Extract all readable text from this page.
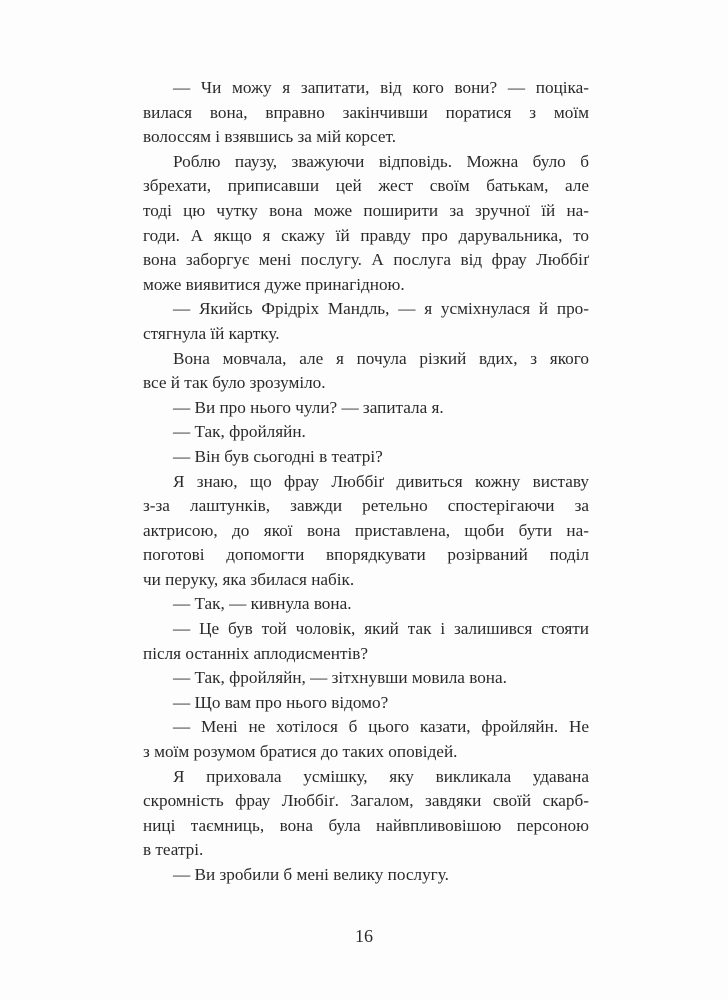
— Чи можу я запитати, від кого вони? — поціка-
вилася вона, вправно закінчивши поратися з моїм
волоссям і взявшись за мій корсет.
Роблю паузу, зважуючи відповідь. Можна було б
збрехати, приписавши цей жест своїм батькам, але
тоді цю чутку вона може поширити за зручної їй на-
годи. А якщо я скажу їй правду про дарувальника, то
вона заборгує мені послугу. А послуга від фрау Люббіґ
може виявитися дуже принагідною.
— Якийсь Фрідріх Мандль, — я усміхнулася й про-
стягнула їй картку.
Вона мовчала, але я почула різкий вдих, з якого
все й так було зрозуміло.
— Ви про нього чули? — запитала я.
— Так, фройляйн.
— Він був сьогодні в театрі?
Я знаю, що фрау Люббіґ дивиться кожну виставу
з-за лаштунків, завжди ретельно спостерігаючи за
актрисою, до якої вона приставлена, щоби бути на-
поготові допомогти впорядкувати розірваний поділ
чи перуку, яка збилася набік.
— Так, — кивнула вона.
— Це був той чоловік, який так і залишився стояти
після останніх аплодисментів?
— Так, фройляйн, — зітхнувши мовила вона.
— Що вам про нього відомо?
— Мені не хотілося б цього казати, фройляйн. Не
з моїм розумом братися до таких оповідей.
Я приховала усмішку, яку викликала удавана
скромність фрау Люббіґ. Загалом, завдяки своїй скарб-
ниці таємниць, вона була найвпливовішою персоною
в театрі.
— Ви зробили б мені велику послугу.
16
